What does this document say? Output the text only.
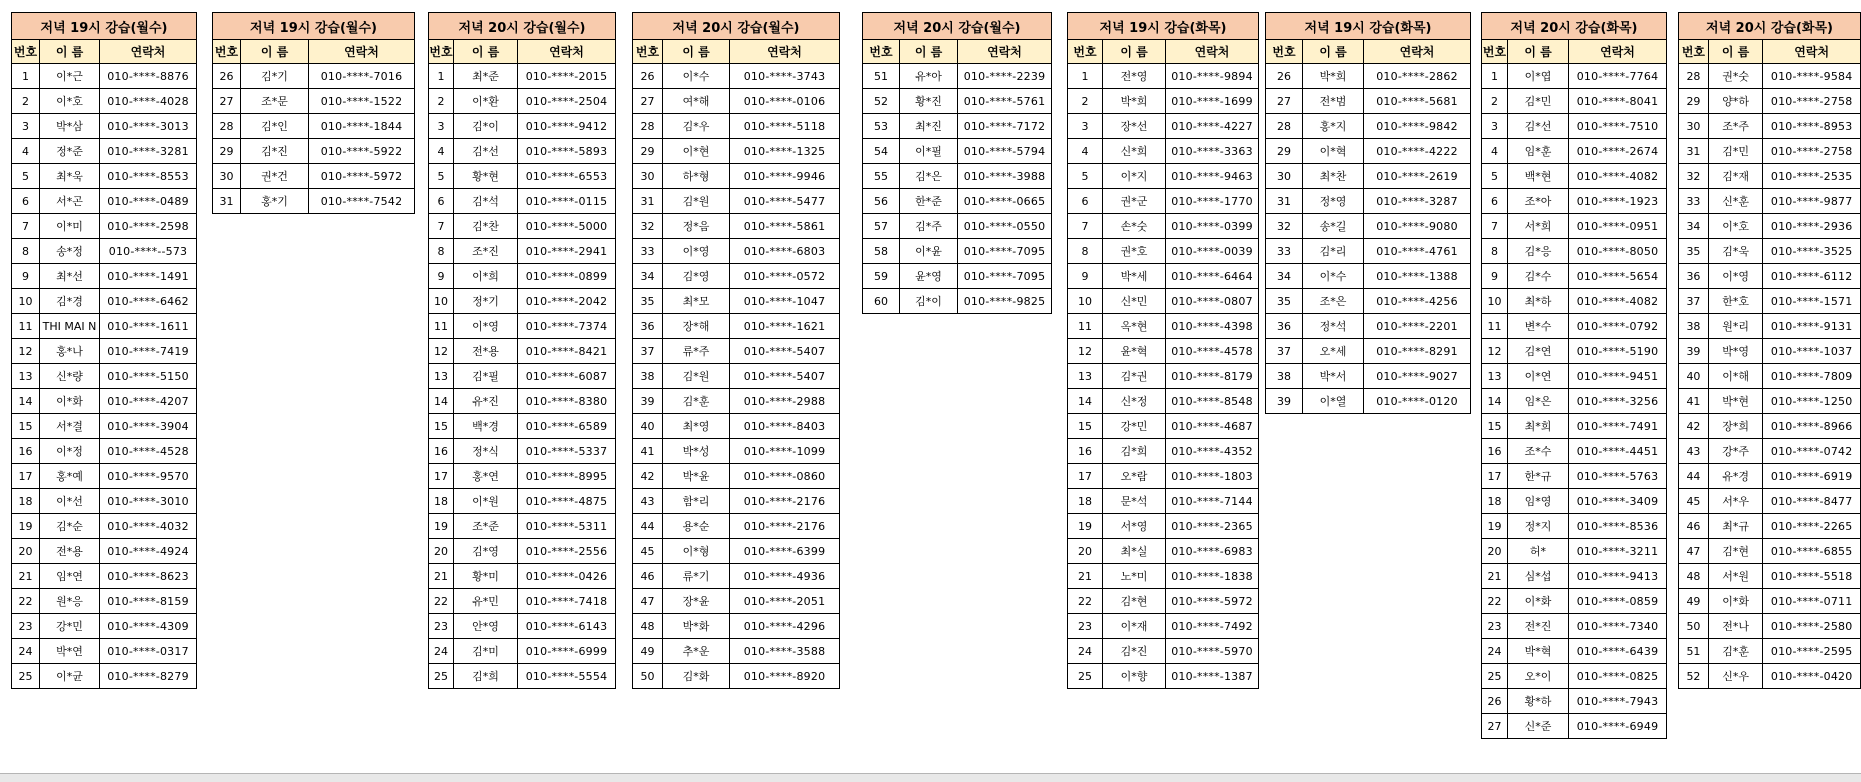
저녁 19시 강습(월수)		
번호	이 름	연락처
1	이*근	010-****-8876
2	이*호	010-****-4028
3	박*삼	010-****-3013
4	정*준	010-****-3281
5	최*욱	010-****-8553
6	서*곤	010-****-0489
7	이*미	010-****-2598
8	송*정	010-****--573
9	최*선	010-****-1491
10	김*경	010-****-6462
11	THI MAI N	010-****-1611
12	홍*나	010-****-7419
13	신*량	010-****-5150
14	이*화	010-****-4207
15	서*결	010-****-3904
16	이*정	010-****-4528
17	홍*예	010-****-9570
18	이*선	010-****-3010
19	김*순	010-****-4032
20	전*용	010-****-4924
21	임*연	010-****-8623
22	원*응	010-****-8159
23	강*민	010-****-4309
24	박*연	010-****-0317
25	이*균	010-****-8279
저녁 19시 강습(월수)		
번호	이 름	연락처
26	김*기	010-****-7016
27	조*문	010-****-1522
28	김*인	010-****-1844
29	김*진	010-****-5922
30	권*건	010-****-5972
31	홍*기	010-****-7542
저녁 20시 강습(월수)		
번호	이 름	연락처
1	최*준	010-****-2015
2	이*환	010-****-2504
3	김*이	010-****-9412
4	김*선	010-****-5893
5	황*현	010-****-6553
6	김*석	010-****-0115
7	김*찬	010-****-5000
8	조*진	010-****-2941
9	이*희	010-****-0899
10	정*기	010-****-2042
11	이*영	010-****-7374
12	전*용	010-****-8421
13	김*필	010-****-6087
14	유*진	010-****-8380
15	백*경	010-****-6589
16	정*식	010-****-5337
17	홍*연	010-****-8995
18	이*원	010-****-4875
19	조*준	010-****-5311
20	김*영	010-****-2556
21	황*미	010-****-0426
22	유*민	010-****-7418
23	안*영	010-****-6143
24	김*미	010-****-6999
25	김*희	010-****-5554
저녁 20시 강습(월수)		
번호	이 름	연락처
26	이*수	010-****-3743
27	여*해	010-****-0106
28	김*우	010-****-5118
29	이*현	010-****-1325
30	하*형	010-****-9946
31	김*원	010-****-5477
32	정*음	010-****-5861
33	이*영	010-****-6803
34	김*영	010-****-0572
35	최*모	010-****-1047
36	장*해	010-****-1621
37	류*주	010-****-5407
38	김*원	010-****-5407
39	김*훈	010-****-2988
40	최*영	010-****-8403
41	박*성	010-****-1099
42	박*윤	010-****-0860
43	함*리	010-****-2176
44	용*순	010-****-2176
45	이*형	010-****-6399
46	류*기	010-****-4936
47	장*윤	010-****-2051
48	박*화	010-****-4296
49	추*운	010-****-3588
50	김*화	010-****-8920
저녁 20시 강습(월수)		
번호	이 름	연락처
51	유*아	010-****-2239
52	황*진	010-****-5761
53	최*진	010-****-7172
54	이*필	010-****-5794
55	김*은	010-****-3988
56	한*준	010-****-0665
57	김*주	010-****-0550
58	이*윤	010-****-7095
59	윤*영	010-****-7095
60	김*이	010-****-9825
저녁 19시 강습(화목)		
번호	이 름	연락처
1	전*영	010-****-9894
2	박*희	010-****-1699
3	장*선	010-****-4227
4	신*희	010-****-3363
5	이*지	010-****-9463
6	권*군	010-****-1770
7	손*숫	010-****-0399
8	권*호	010-****-0039
9	박*세	010-****-6464
10	신*민	010-****-0807
11	옥*현	010-****-4398
12	윤*혁	010-****-4578
13	김*권	010-****-8179
14	신*정	010-****-8548
15	강*민	010-****-4687
16	김*희	010-****-4352
17	오*람	010-****-1803
18	문*석	010-****-7144
19	서*영	010-****-2365
20	최*실	010-****-6983
21	노*미	010-****-1838
22	김*현	010-****-5972
23	이*재	010-****-7492
24	김*진	010-****-5970
25	이*향	010-****-1387
저녁 19시 강습(화목)		
번호	이 름	연락처
26	박*희	010-****-2862
27	전*범	010-****-5681
28	홍*지	010-****-9842
29	이*혁	010-****-4222
30	최*찬	010-****-2619
31	정*영	010-****-3287
32	송*길	010-****-9080
33	김*리	010-****-4761
34	이*수	010-****-1388
35	조*은	010-****-4256
36	정*석	010-****-2201
37	오*세	010-****-8291
38	박*서	010-****-9027
39	이*열	010-****-0120
저녁 20시 강습(화목)		
번호	이 름	연락처
1	이*엽	010-****-7764
2	김*민	010-****-8041
3	김*선	010-****-7510
4	임*훈	010-****-2674
5	백*현	010-****-4082
6	조*아	010-****-1923
7	서*희	010-****-0951
8	김*응	010-****-8050
9	김*수	010-****-5654
10	최*하	010-****-4082
11	변*수	010-****-0792
12	김*연	010-****-5190
13	이*연	010-****-9451
14	임*은	010-****-3256
15	최*희	010-****-7491
16	조*수	010-****-4451
17	한*규	010-****-5763
18	임*영	010-****-3409
19	정*지	010-****-8536
20	허*	010-****-3211
21	심*섭	010-****-9413
22	이*화	010-****-0859
23	전*진	010-****-7340
24	박*혁	010-****-6439
25	오*이	010-****-0825
26	황*하	010-****-7943
27	신*준	010-****-6949
저녁 20시 강습(화목)		
번호	이 름	연락처
28	권*숫	010-****-9584
29	양*하	010-****-2758
30	조*주	010-****-8953
31	김*민	010-****-2758
32	김*재	010-****-2535
33	신*훈	010-****-9877
34	이*호	010-****-2936
35	김*욱	010-****-3525
36	이*영	010-****-6112
37	한*호	010-****-1571
38	원*리	010-****-9131
39	박*영	010-****-1037
40	이*해	010-****-7809
41	박*현	010-****-1250
42	장*희	010-****-8966
43	강*주	010-****-0742
44	유*경	010-****-6919
45	서*우	010-****-8477
46	최*규	010-****-2265
47	김*현	010-****-6855
48	서*원	010-****-5518
49	이*화	010-****-0711
50	전*나	010-****-2580
51	김*훈	010-****-2595
52	신*우	010-****-0420
